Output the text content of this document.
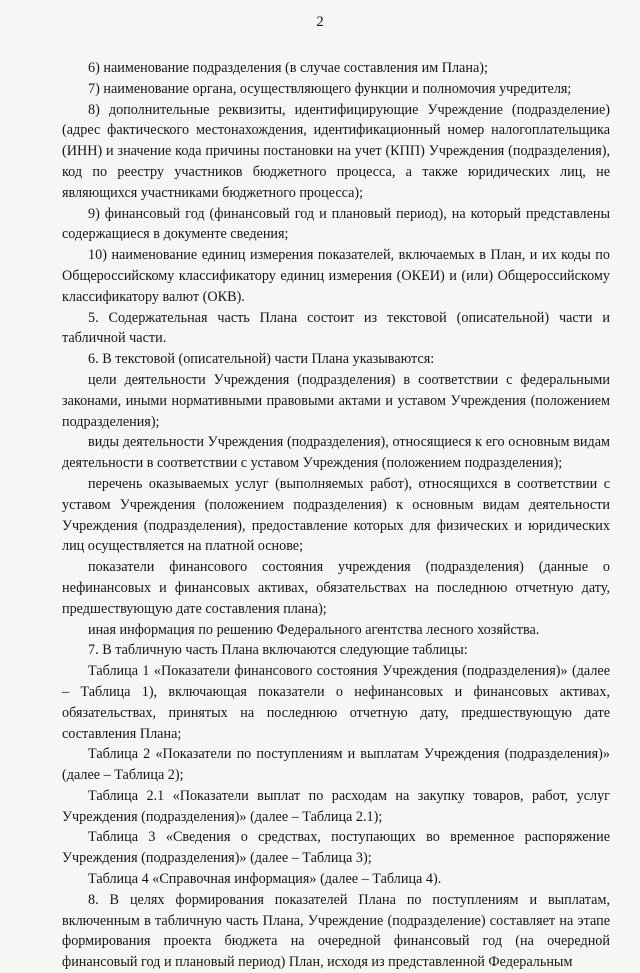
2

6) наименование подразделения (в случае составления им Плана);

7) наименование органа, осуществляющего функции и полномочия учредителя;

8) дополнительные реквизиты, идентифицирующие Учреждение (подразделение) (адрес фактического местонахождения, идентификационный номер налогоплательщика (ИНН) и значение кода причины постановки на учет (КПП) Учреждения (подразделения), код по реестру участников бюджетного процесса, а также юридических лиц, не являющихся участниками бюджетного процесса);

9) финансовый год (финансовый год и плановый период), на который представлены содержащиеся в документе сведения;

10) наименование единиц измерения показателей, включаемых в План, и их коды по Общероссийскому классификатору единиц измерения (ОКЕИ) и (или) Общероссийскому классификатору валют (ОКВ).

5. Содержательная часть Плана состоит из текстовой (описательной) части и табличной части.

6. В текстовой (описательной) части Плана указываются:

цели деятельности Учреждения (подразделения) в соответствии с федеральными законами, иными нормативными правовыми актами и уставом Учреждения (положением подразделения);

виды деятельности Учреждения (подразделения), относящиеся к его основным видам деятельности в соответствии с уставом Учреждения (положением подразделения);

перечень оказываемых услуг (выполняемых работ), относящихся в соответствии с уставом Учреждения (положением подразделения) к основным видам деятельности Учреждения (подразделения), предоставление которых для физических и юридических лиц осуществляется на платной основе;

показатели финансового состояния учреждения (подразделения) (данные о нефинансовых и финансовых активах, обязательствах на последнюю отчетную дату, предшествующую дате составления плана);

иная информация по решению Федерального агентства лесного хозяйства.

7. В табличную часть Плана включаются следующие таблицы:

Таблица 1 «Показатели финансового состояния Учреждения (подразделения)» (далее – Таблица 1), включающая показатели о нефинансовых и финансовых активах, обязательствах, принятых на последнюю отчетную дату, предшествующую дате составления Плана;

Таблица 2 «Показатели по поступлениям и выплатам Учреждения (подразделения)» (далее – Таблица 2);

Таблица 2.1 «Показатели выплат по расходам на закупку товаров, работ, услуг Учреждения (подразделения)» (далее – Таблица 2.1);

Таблица 3 «Сведения о средствах, поступающих во временное распоряжение Учреждения (подразделения)» (далее – Таблица 3);

Таблица 4 «Справочная информация» (далее – Таблица 4).

8. В целях формирования показателей Плана по поступлениям и выплатам, включенным в табличную часть Плана, Учреждение (подразделение) составляет на этапе формирования проекта бюджета на очередной финансовый год (на очередной финансовый год и плановый период) План, исходя из представленной Федеральным
